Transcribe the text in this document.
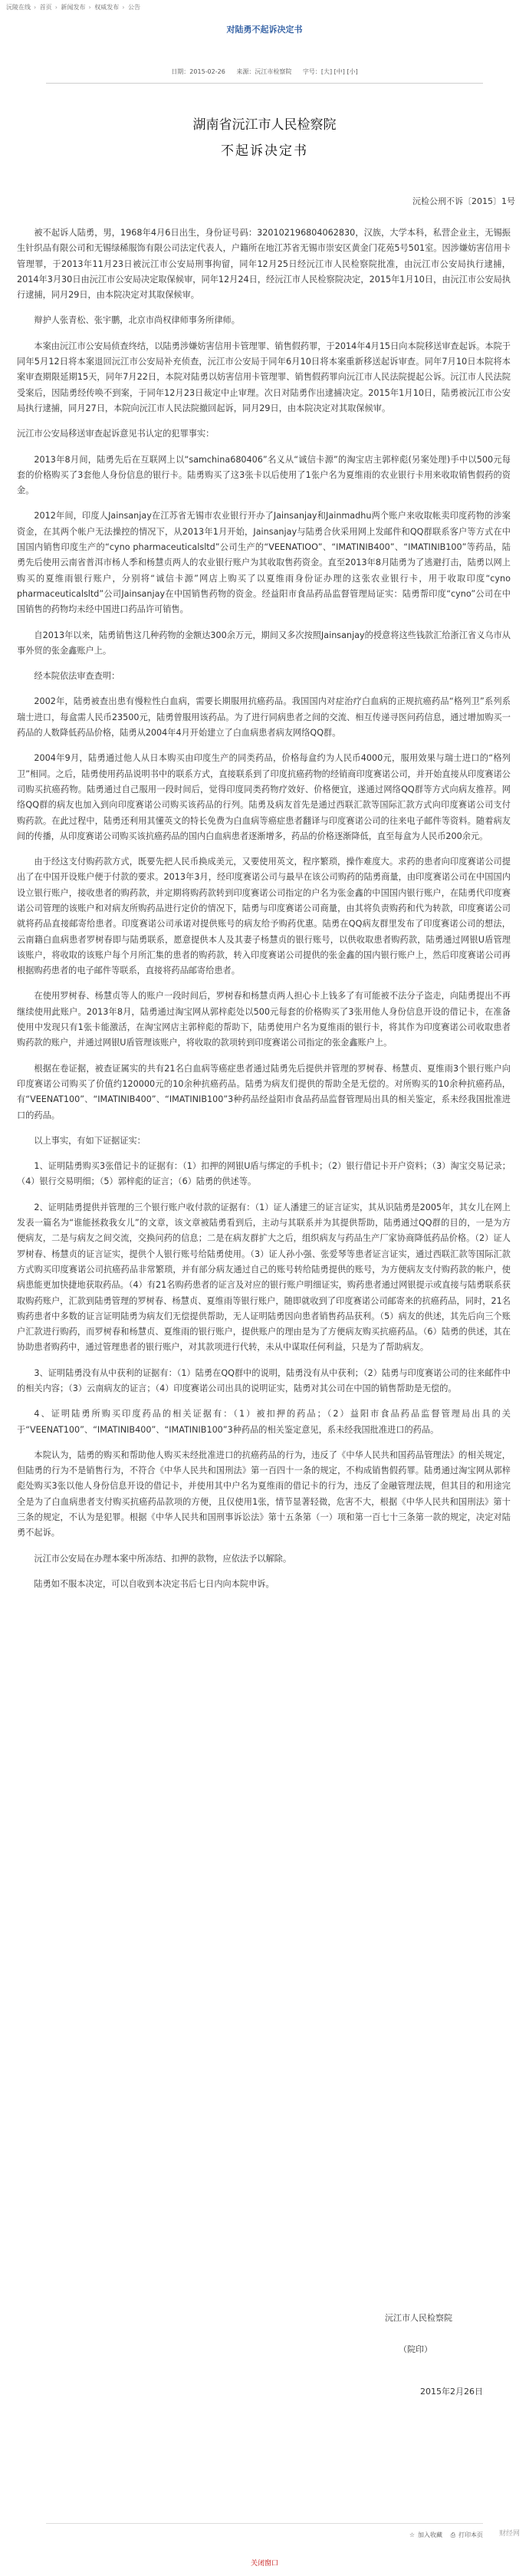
沅陵在线 › 首页 › 新闻发布 › 权威发布 › 公告
对陆勇不起诉决定书
日期：2015-02-26 来源：沅江市检察院 字号：[大] [中] [小]
湖南省沅江市人民检察院
不起诉决定书
沅检公刑不诉〔2015〕1号

被不起诉人陆勇，男，1968年4月6日出生，身份证号码：320102196804062830，汉族，大学本科，私营企业主，无锡振生针织品有限公司和无锡绿稀服饰有限公司法定代表人，户籍所在地江苏省无锡市崇安区黄金门花苑5号501室。因涉嫌妨害信用卡管理罪，于2013年11月23日被沅江市公安局刑事拘留，同年12月25日经沅江市人民检察院批准，由沅江市公安局执行逮捕，2014年3月30日由沅江市公安局决定取保候审，同年12月24日，经沅江市人民检察院决定，2015年1月10日，由沅江市公安局执行逮捕，同月29日，由本院决定对其取保候审。

辩护人张青松、张宇鹏，北京市尚权律师事务所律师。

本案由沅江市公安局侦查终结，以陆勇涉嫌妨害信用卡管理罪、销售假药罪，于2014年4月15日向本院移送审查起诉。本院于同年5月12日将本案退回沅江市公安局补充侦查，沅江市公安局于同年6月10日将本案重新移送起诉审查。同年7月10日本院将本案审查期限延期15天，同年7月22日，本院对陆勇以妨害信用卡管理罪、销售假药罪向沅江市人民法院提起公诉。沅江市人民法院受案后，因陆勇经传唤不到案，于同年12月23日裁定中止审理。次日对陆勇作出逮捕决定。2015年1月10日，陆勇被沅江市公安局执行逮捕，同月27日，本院向沅江市人民法院撤回起诉，同月29日，由本院决定对其取保候审。

沅江市公安局移送审查起诉意见书认定的犯罪事实：

2013年8月间，陆勇先后在互联网上以“samchina680406”名义从“诚信卡源”的淘宝店主郭梓彪(另案处理)手中以500元每套的价格购买了3套他人身份信息的银行卡。陆勇购买了这3张卡以后使用了1张户名为夏维雨的农业银行卡用来收取销售假药的资金。

2012年间，印度人Jainsanjay在江苏省无锡市农业银行开办了Jainsanjay和Jainmadhu两个账户来收取帐卖印度药物的涉案资金，在其两个帐户无法操控的情况下，从2013年1月开始，Jainsanjay与陆勇合伙采用网上发邮件和QQ群联系客户等方式在中国国内销售印度生产的“cyno pharmaceuticalsltd”公司生产的“VEENATIOO”、“IMATINIB400”、“IMATINIB100”等药品，陆勇先后使用云南省普洱市杨人季和杨慧贞两人的农业银行账户为其收取售药资金。直至2013年8月陆勇为了逃避打击，陆勇以网上购买的夏维雨银行账户，分别将“诚信卡源”网店上购买了以夏维雨身份证办理的这张农业银行卡，用于收取印度“cyno pharmaceuticalsltd”公司Jainsanjay在中国销售药物的资金。经益阳市食品药品监督管理局证实：陆勇帮印度“cyno”公司在中国销售的药物均未经中国进口药品许可销售。

自2013年以来，陆勇销售这几种药物的金额达300余万元，期间又多次按照Jainsanjay的授意将这些钱款汇给浙江省义乌市从事外贸的张金鑫账户上。

经本院依法审查查明：

2002年，陆勇被查出患有慢粒性白血病，需要长期服用抗癌药品。我国国内对症治疗白血病的正规抗癌药品“格列卫”系列系瑞士进口，每盒需人民币23500元，陆勇曾服用该药品。为了进行同病患者之间的交流、相互传递寻医问药信息，通过增加购买一药品的人数降低药品价格，陆勇从2004年4月开始建立了白血病患者病友网络QQ群。

2004年9月，陆勇通过他人从日本购买由印度生产的同类药品，价格每盒约为人民币4000元，服用效果与瑞士进口的“格列卫”相同。之后，陆勇使用药品说明书中的联系方式，直接联系到了印度抗癌药物的经销商印度赛诺公司，并开始直接从印度赛诺公司购买抗癌药物。陆勇通过自己服用一段时间后，觉得印度同类药物疗效好、价格便宜，遂通过网络QQ群等方式向病友推荐。网络QQ群的病友也加入到向印度赛诺公司购买该药品的行列。陆勇及病友首先是通过西联汇款等国际汇款方式向印度赛诺公司支付购药款。在此过程中，陆勇还利用其懂英文的特长免费为白血病等癌症患者翻译与印度赛诺公司的往来电子邮件等资料。随着病友间的传播，从印度赛诺公司购买该抗癌药品的国内白血病患者逐渐增多，药品的价格逐渐降低，直至每盒为人民币200余元。

由于经这支付购药款方式，既要先把人民币换成美元，又要使用英文，程序繁琐，操作难度大。求药的患者向印度赛诺公司提出了在中国开设账户便于付款的要求。2013年3月，经印度赛诺公司与最早在该公司购药的陆勇商量，由印度赛诺公司在中国国内设立银行账户，接收患者的购药款，并定期将购药款转到印度赛诺公司指定的户名为张金鑫的中国国内银行账户，在陆勇代印度赛诺公司管理的该账户和对病友所购药品进行定价的情况下，陆勇与印度赛诺公司商量，由其将负责购药和代为转款，印度赛诺公司就将药品直接邮寄给患者。印度赛诺公司承诺对提供账号的病友给予购药优惠。陆勇在QQ病友群里发布了印度赛诺公司的想法，云南籍白血病患者罗树春即与陆勇联系，愿意提供本人及其妻子杨慧贞的银行账号，以供收取患者购药款，陆勇通过网银U盾管理该账户，将收取的该账户每个月所汇集的患者的购药款，转入印度赛诺公司提供的张金鑫的国内银行账户上，然后印度赛诺公司再根据购药患者的电子邮件等联系，直接将药品邮寄给患者。

在使用罗树春、杨慧贞等人的账户一段时间后，罗树春和杨慧贞两人担心卡上钱多了有可能被不法分子盗走，向陆勇提出不再继续使用此账户。2013年8月，陆勇通过淘宝网从郭梓彪处以500元每套的价格购买了3张用他人身份信息开设的借记卡，在准备使用中发现只有1张卡能激活，在淘宝网店主郭梓彪的帮助下，陆勇使用户名为夏维雨的银行卡，将其作为印度赛诺公司收取患者购药款的账户，并通过网银U盾管理该账户，将收取的款项转到印度赛诺公司指定的张金鑫账户上。

根据在卷证据，被查证属实的共有21名白血病等癌症患者通过陆勇先后提供并管理的罗树春、杨慧贞、夏维雨3个银行账户向印度赛诺公司购买了价值约120000元的10余种抗癌药品。陆勇为病友们提供的帮助全是无偿的。对所购买的10余种抗癌药品，有“VEENAT100”、“IMATINIB400”、“IMATINIB100”3种药品经益阳市食品药品监督管理局出具的相关鉴定，系未经我国批准进口的药品。

以上事实，有如下证据证实：

1、证明陆勇购买3张借记卡的证据有：（1）扣押的网银U盾与绑定的手机卡；（2）银行借记卡开户资料；（3）淘宝交易记录；（4）银行交易明细；（5）郭梓彪的证言；（6）陆勇的供述等。

2、证明陆勇提供并管理的三个银行账户收付款的证据有：（1）证人潘建三的证言证实，其从识陆勇是2005年，其女儿在网上发表一篇名为“谁能拯救我女儿”的文章，该文章被陆勇看到后，主动与其联系并为其提供帮助，陆勇通过QQ群的目的，一是为方便病友，二是与病友之间交流，交换问药的信息；二是在病友群扩大之后，组织病友与药品生产厂家协商降低药品价格。（2）证人罗树春、杨慧贞的证言证实，提供个人银行账号给陆勇使用。（3）证人孙小强、张爱琴等患者证言证实，通过西联汇款等国际汇款方式购买印度赛诺公司抗癌药品非常繁琐，并有部分病友通过自己的账号转给陆勇提供的账号，为方便病友支付购药款的帐户，使病患能更加快捷地获取药品。（4）有21名购药患者的证言及对应的银行账户明细证实，购药患者通过网银提示或直接与陆勇联系获取购药账户，汇款到陆勇管理的罗树春、杨慧贞、夏维雨等银行账户，随即就收到了印度赛诺公司邮寄来的抗癌药品，同时，21名购药患者中多数的证言证明陆勇为病友们无偿提供帮助，无人证明陆勇因向患者销售药品获利。（5）病友的供述，其先后向三个账户汇款进行购药，而罗树春和杨慧贞、夏维雨的银行账户，提供账户的理由是为了方便病友购买抗癌药品。（6）陆勇的供述，其在协助患者购药中，通过管理患者的银行账户，对其款项进行代转，未从中谋取任何利益，只是为了帮助病友。

3、证明陆勇没有从中获利的证据有：（1）陆勇在QQ群中的说明，陆勇没有从中获利；（2）陆勇与印度赛诺公司的往来邮件中的相关内容；（3）云南病友的证言；（4）印度赛诺公司出具的说明证实，陆勇对其公司在中国的销售帮助是无偿的。

4、证明陆勇所购买印度药品的相关证据有：（1）被扣押的药品；（2）益阳市食品药品监督管理局出具的关于“VEENAT100”、“IMATINIB400”、“IMATINIB100”3种药品的相关鉴定意见，系未经我国批准进口的药品。

本院认为，陆勇的购买和帮助他人购买未经批准进口的抗癌药品的行为，违反了《中华人民共和国药品管理法》的相关规定，但陆勇的行为不是销售行为，不符合《中华人民共和国刑法》第一百四十一条的规定，不构成销售假药罪。陆勇通过淘宝网从郭梓彪处购买3张以他人身份信息开设的借记卡，并使用其中户名为夏维雨的借记卡的行为，违反了金融管理法规，但其目的和用途完全是为了白血病患者支付购买抗癌药品款项的方便，且仅使用1张，情节显著轻微，危害不大，根据《中华人民共和国刑法》第十三条的规定，不认为是犯罪。根据《中华人民共和国刑事诉讼法》第十五条第（一）项和第一百七十三条第一款的规定，决定对陆勇不起诉。

沅江市公安局在办理本案中所冻结、扣押的款物，应依法予以解除。

陆勇如不服本决定，可以自收到本决定书后七日内向本院申诉。

沅江市人民检察院
（院印）
2015年2月26日
☆ 加入收藏 ⎙ 打印本页 财经网
关闭窗口
